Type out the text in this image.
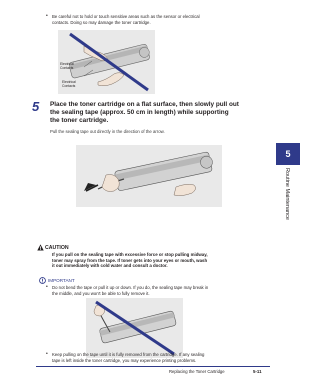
• Be careful not to hold or touch sensitive areas such as the sensor or electrical
contacts. Doing so may damage the toner cartridge.
Electrical
Contacts
Electrical
Contacts
5	Place the toner cartridge on a flat surface, then slowly pull out
the sealing tape (approx. 50 cm in length) while supporting
the toner cartridge.
Pull the sealing tape out directly in the direction of the arrow.
CAUTION
If you pull on the sealing tape with excessive force or stop pulling midway,
toner may spray from the tape. If toner gets into your eyes or mouth, wash
it out immediately with cold water and consult a doctor.
IMPORTANT
• Do not bend the tape or pull it up or down. If you do, the sealing tape may break in
the middle, and you won't be able to fully remove it.
• Keep pulling on the tape until it is fully removed from the cartridge. If any sealing
tape is left inside the toner cartridge, you may experience printing problems.
5
Routine Maintenance
Replacing the Toner Cartridge	5-11
